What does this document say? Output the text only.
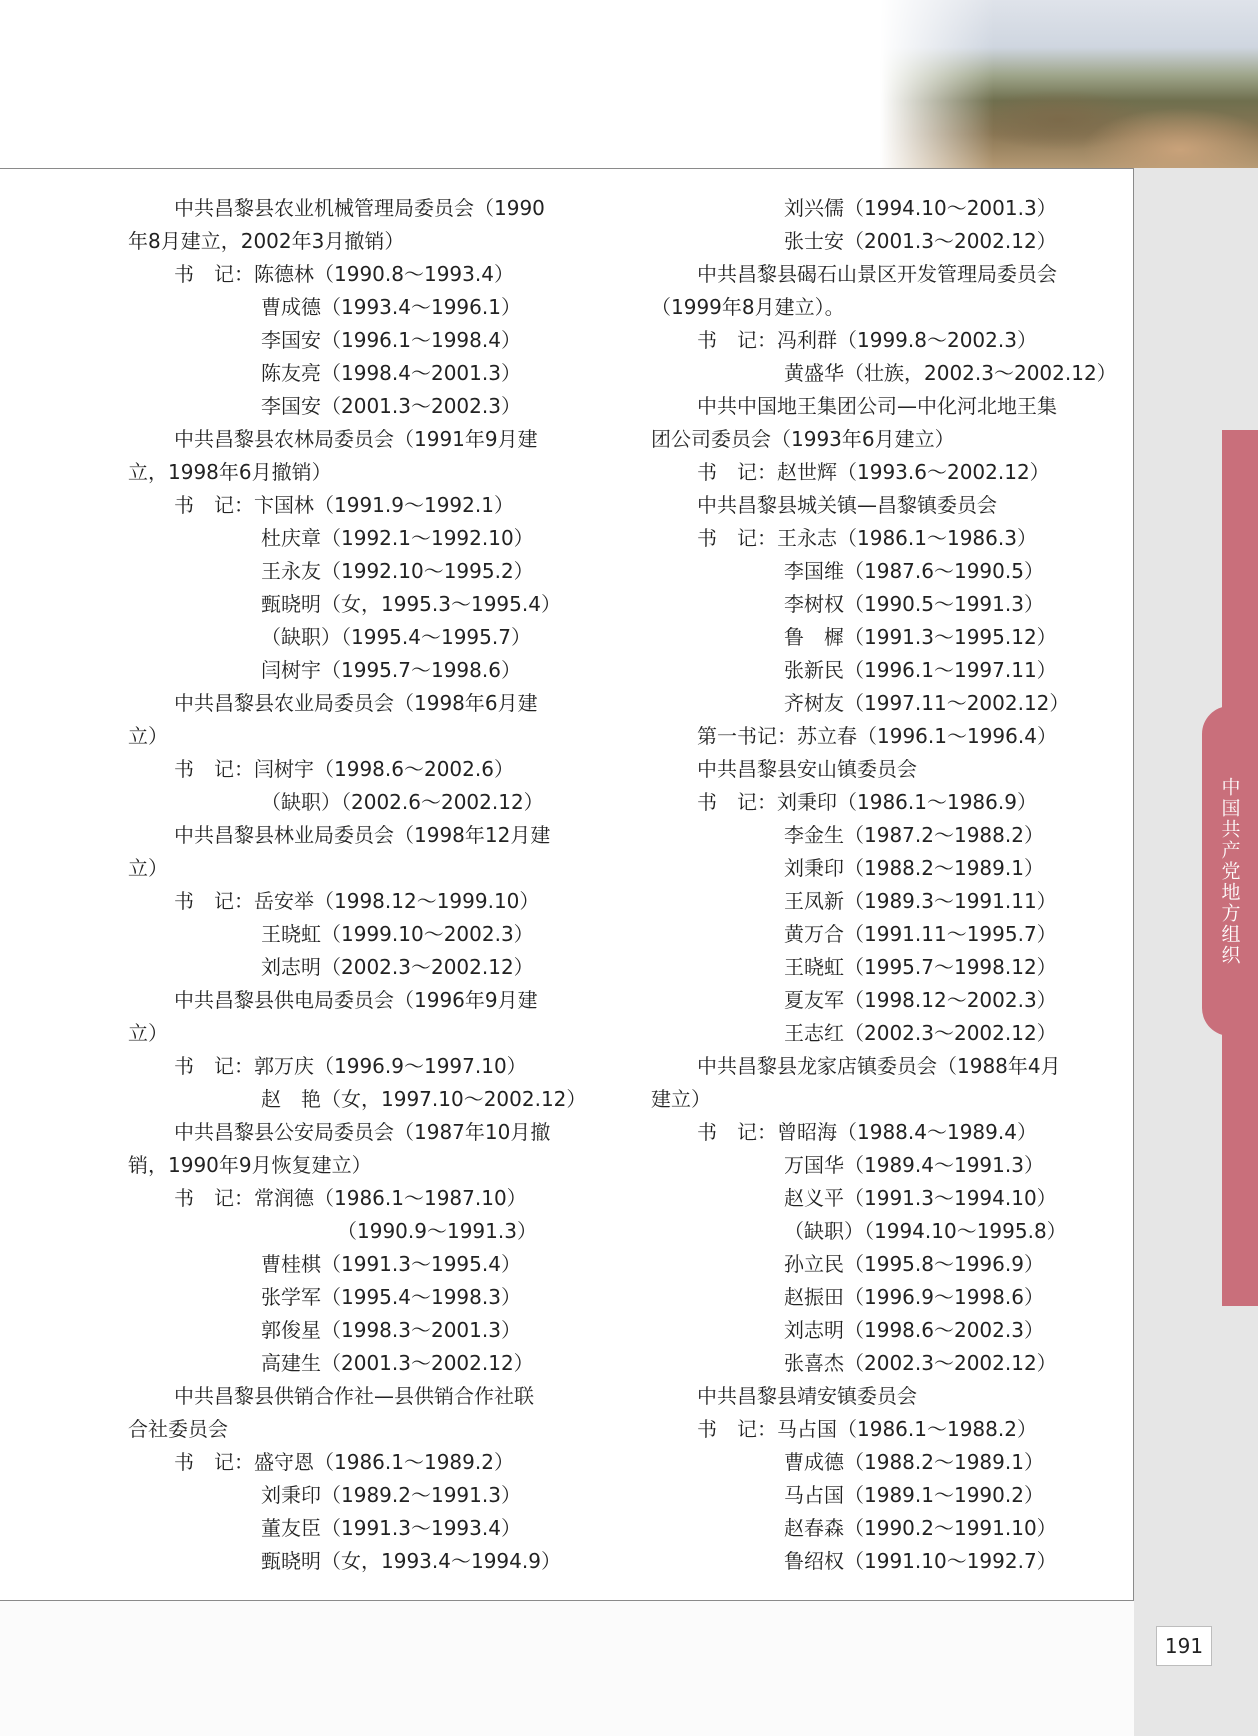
中国共产党地方组织
中共昌黎县农业机械管理局委员会（1990
年8月建立，2002年3月撤销）
书　记：陈德林（1990.8～1993.4）
曹成德（1993.4～1996.1）
李国安（1996.1～1998.4）
陈友亮（1998.4～2001.3）
李国安（2001.3～2002.3）
中共昌黎县农林局委员会（1991年9月建
立，1998年6月撤销）
书　记：卞国林（1991.9～1992.1）
杜庆章（1992.1～1992.10）
王永友（1992.10～1995.2）
甄晓明（女，1995.3～1995.4）
（缺职）（1995.4～1995.7）
闫树宇（1995.7～1998.6）
中共昌黎县农业局委员会（1998年6月建
立）
书　记：闫树宇（1998.6～2002.6）
（缺职）（2002.6～2002.12）
中共昌黎县林业局委员会（1998年12月建
立）
书　记：岳安举（1998.12～1999.10）
王晓虹（1999.10～2002.3）
刘志明（2002.3～2002.12）
中共昌黎县供电局委员会（1996年9月建
立）
书　记：郭万庆（1996.9～1997.10）
赵　艳（女，1997.10～2002.12）
中共昌黎县公安局委员会（1987年10月撤
销，1990年9月恢复建立）
书　记：常润德（1986.1～1987.10）
（1990.9～1991.3）
曹桂棋（1991.3～1995.4）
张学军（1995.4～1998.3）
郭俊星（1998.3～2001.3）
高建生（2001.3～2002.12）
中共昌黎县供销合作社—县供销合作社联
合社委员会
书　记：盛守恩（1986.1～1989.2）
刘秉印（1989.2～1991.3）
董友臣（1991.3～1993.4）
甄晓明（女，1993.4～1994.9）
刘兴儒（1994.10～2001.3）
张士安（2001.3～2002.12）
中共昌黎县碣石山景区开发管理局委员会
（1999年8月建立）。
书　记：冯利群（1999.8～2002.3）
黄盛华（壮族，2002.3～2002.12）
中共中国地王集团公司—中化河北地王集
团公司委员会（1993年6月建立）
书　记：赵世辉（1993.6～2002.12）
中共昌黎县城关镇—昌黎镇委员会
书　记：王永志（1986.1～1986.3）
李国维（1987.6～1990.5）
李树权（1990.5～1991.3）
鲁　樨（1991.3～1995.12）
张新民（1996.1～1997.11）
齐树友（1997.11～2002.12）
第一书记：苏立春（1996.1～1996.4）
中共昌黎县安山镇委员会
书　记：刘秉印（1986.1～1986.9）
李金生（1987.2～1988.2）
刘秉印（1988.2～1989.1）
王凤新（1989.3～1991.11）
黄万合（1991.11～1995.7）
王晓虹（1995.7～1998.12）
夏友军（1998.12～2002.3）
王志红（2002.3～2002.12）
中共昌黎县龙家店镇委员会（1988年4月
建立）
书　记：曾昭海（1988.4～1989.4）
万国华（1989.4～1991.3）
赵义平（1991.3～1994.10）
（缺职）（1994.10～1995.8）
孙立民（1995.8～1996.9）
赵振田（1996.9～1998.6）
刘志明（1998.6～2002.3）
张喜杰（2002.3～2002.12）
中共昌黎县靖安镇委员会
书　记：马占国（1986.1～1988.2）
曹成德（1988.2～1989.1）
马占国（1989.1～1990.2）
赵春森（1990.2～1991.10）
鲁绍权（1991.10～1992.7）
191
